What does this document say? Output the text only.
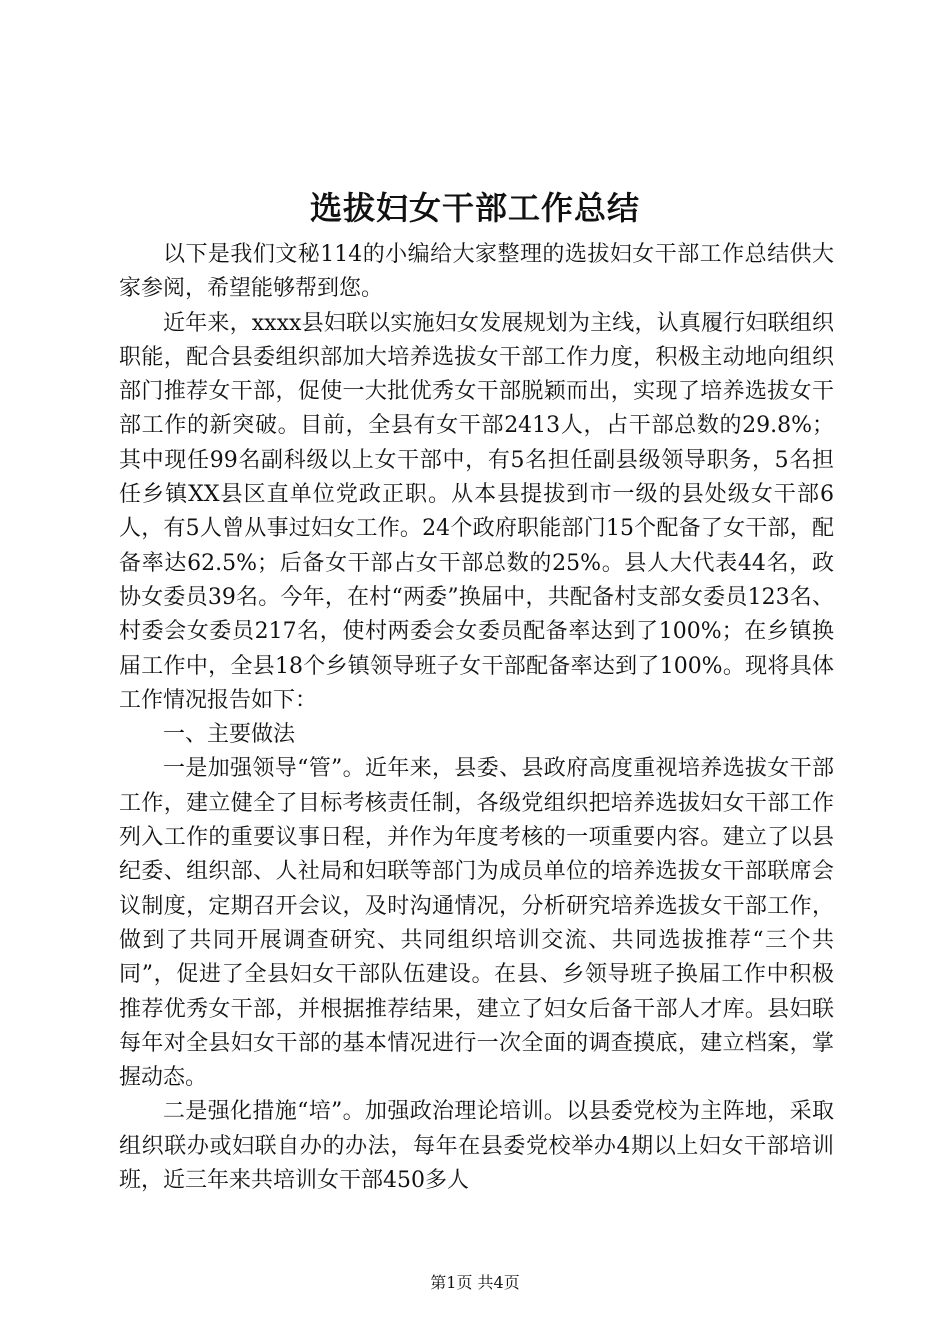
选拔妇女干部工作总结

以下是我们文秘114的小编给大家整理的选拔妇女干部工作总结供大家参阅，希望能够帮到您。

近年来，xxxx县妇联以实施妇女发展规划为主线，认真履行妇联组织职能，配合县委组织部加大培养选拔女干部工作力度，积极主动地向组织部门推荐女干部，促使一大批优秀女干部脱颖而出，实现了培养选拔女干部工作的新突破。目前，全县有女干部2413人，占干部总数的29.8%；其中现任99名副科级以上女干部中，有5名担任副县级领导职务，5名担任乡镇XX县区直单位党政正职。从本县提拔到市一级的县处级女干部6人，有5人曾从事过妇女工作。24个政府职能部门15个配备了女干部，配备率达62.5%；后备女干部占女干部总数的25%。县人大代表44名，政协女委员39名。今年，在村“两委”换届中，共配备村支部女委员123名、村委会女委员217名，使村两委会女委员配备率达到了100%；在乡镇换届工作中，全县18个乡镇领导班子女干部配备率达到了100%。现将具体工作情况报告如下：

一、主要做法

一是加强领导“管”。近年来，县委、县政府高度重视培养选拔女干部工作，建立健全了目标考核责任制，各级党组织把培养选拔妇女干部工作列入工作的重要议事日程，并作为年度考核的一项重要内容。建立了以县纪委、组织部、人社局和妇联等部门为成员单位的培养选拔女干部联席会议制度，定期召开会议，及时沟通情况，分析研究培养选拔女干部工作，做到了共同开展调查研究、共同组织培训交流、共同选拔推荐“三个共同”，促进了全县妇女干部队伍建设。在县、乡领导班子换届工作中积极推荐优秀女干部，并根据推荐结果，建立了妇女后备干部人才库。县妇联每年对全县妇女干部的基本情况进行一次全面的调查摸底，建立档案，掌握动态。

二是强化措施“培”。加强政治理论培训。以县委党校为主阵地，采取组织联办或妇联自办的办法，每年在县委党校举办4期以上妇女干部培训班，近三年来共培训女干部450多人

第1页 共4页
